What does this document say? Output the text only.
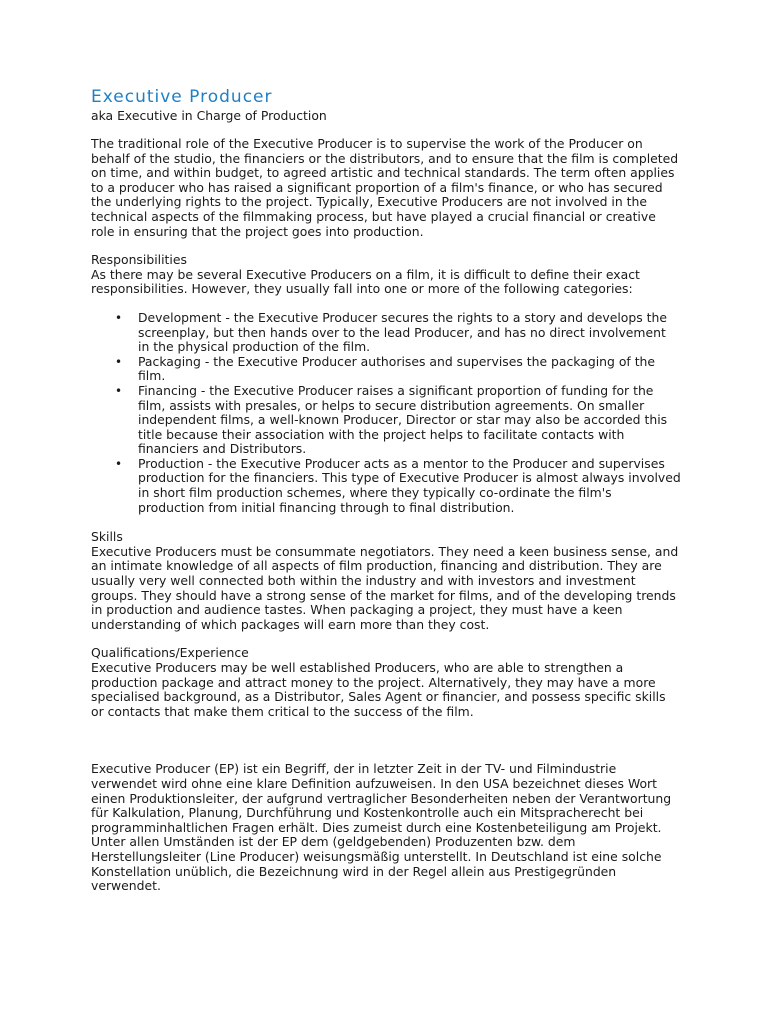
Executive Producer

aka Executive in Charge of Production

The traditional role of the Executive Producer is to supervise the work of the Producer on behalf of the studio, the financiers or the distributors, and to ensure that the film is completed on time, and within budget, to agreed artistic and technical standards. The term often applies to a producer who has raised a significant proportion of a film's finance, or who has secured the underlying rights to the project. Typically, Executive Producers are not involved in the technical aspects of the filmmaking process, but have played a crucial financial or creative role in ensuring that the project goes into production.

Responsibilities

As there may be several Executive Producers on a film, it is difficult to define their exact responsibilities. However, they usually fall into one or more of the following categories:

• Development - the Executive Producer secures the rights to a story and develops the screenplay, but then hands over to the lead Producer, and has no direct involvement in the physical production of the film.
• Packaging - the Executive Producer authorises and supervises the packaging of the film.
• Financing - the Executive Producer raises a significant proportion of funding for the film, assists with presales, or helps to secure distribution agreements. On smaller independent films, a well-known Producer, Director or star may also be accorded this title because their association with the project helps to facilitate contacts with financiers and Distributors.
• Production - the Executive Producer acts as a mentor to the Producer and supervises production for the financiers. This type of Executive Producer is almost always involved in short film production schemes, where they typically co-ordinate the film's production from initial financing through to final distribution.

Skills

Executive Producers must be consummate negotiators. They need a keen business sense, and an intimate knowledge of all aspects of film production, financing and distribution. They are usually very well connected both within the industry and with investors and investment groups. They should have a strong sense of the market for films, and of the developing trends in production and audience tastes. When packaging a project, they must have a keen understanding of which packages will earn more than they cost.

Qualifications/Experience

Executive Producers may be well established Producers, who are able to strengthen a production package and attract money to the project. Alternatively, they may have a more specialised background, as a Distributor, Sales Agent or financier, and possess specific skills or contacts that make them critical to the success of the film.

Executive Producer (EP) ist ein Begriff, der in letzter Zeit in der TV- und Filmindustrie verwendet wird ohne eine klare Definition aufzuweisen. In den USA bezeichnet dieses Wort einen Produktionsleiter, der aufgrund vertraglicher Besonderheiten neben der Verantwortung für Kalkulation, Planung, Durchführung und Kostenkontrolle auch ein Mitspracherecht bei programminhaltlichen Fragen erhält. Dies zumeist durch eine Kostenbeteiligung am Projekt. Unter allen Umständen ist der EP dem (geldgebenden) Produzenten bzw. dem Herstellungsleiter (Line Producer) weisungsmäßig unterstellt. In Deutschland ist eine solche Konstellation unüblich, die Bezeichnung wird in der Regel allein aus Prestigegründen verwendet.
